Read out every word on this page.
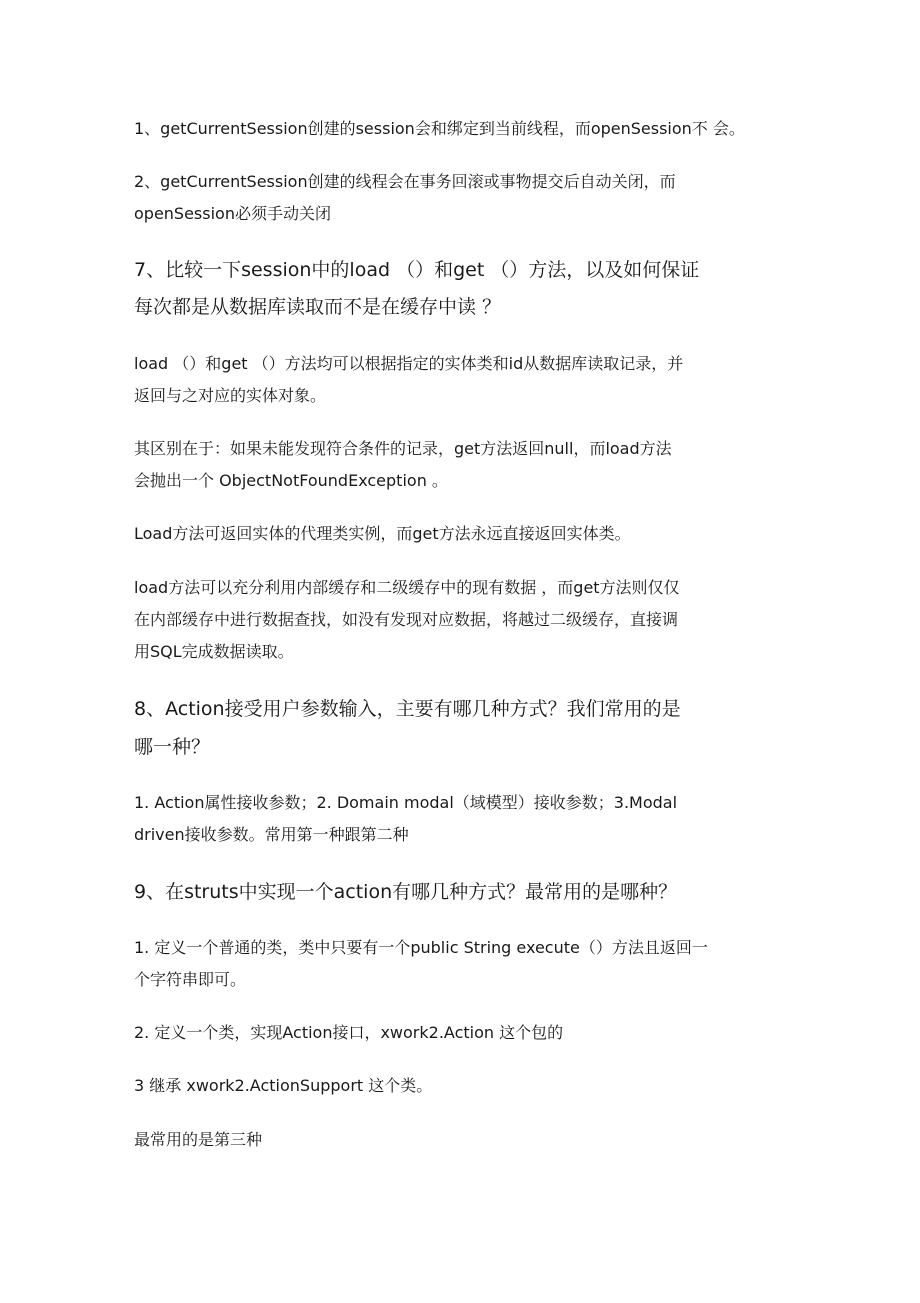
1、getCurrentSession创建的session会和绑定到当前线程，而openSession不 会。

2、getCurrentSession创建的线程会在事务回滚或事物提交后自动关闭，而

openSession必须手动关闭

7、比较一下session中的load （）和get （）方法，以及如何保证

每次都是从数据库读取而不是在缓存中读 ？

load （）和get （）方法均可以根据指定的实体类和id从数据库读取记录，并

返回与之对应的实体对象。

其区别在于：如果未能发现符合条件的记录，get方法返回null，而load方法

会抛出一个 ObjectNotFoundException 。

Load方法可返回实体的代理类实例，而get方法永远直接返回实体类。

load方法可以充分利用内部缓存和二级缓存中的现有数据 ，而get方法则仅仅

在内部缓存中进行数据查找，如没有发现对应数据，将越过二级缓存，直接调

用SQL完成数据读取。

8、Action接受用户参数输入，主要有哪几种方式？我们常用的是

哪一种？

1. Action属性接收参数；2. Domain modal（域模型）接收参数；3.Modal

driven接收参数。常用第一种跟第二种

9、在struts中实现一个action有哪几种方式？最常用的是哪种？

1. 定义一个普通的类，类中只要有一个public String execute（）方法且返回一

个字符串即可。

2. 定义一个类，实现Action接口，xwork2.Action 这个包的

3 继承 xwork2.ActionSupport 这个类。

最常用的是第三种
